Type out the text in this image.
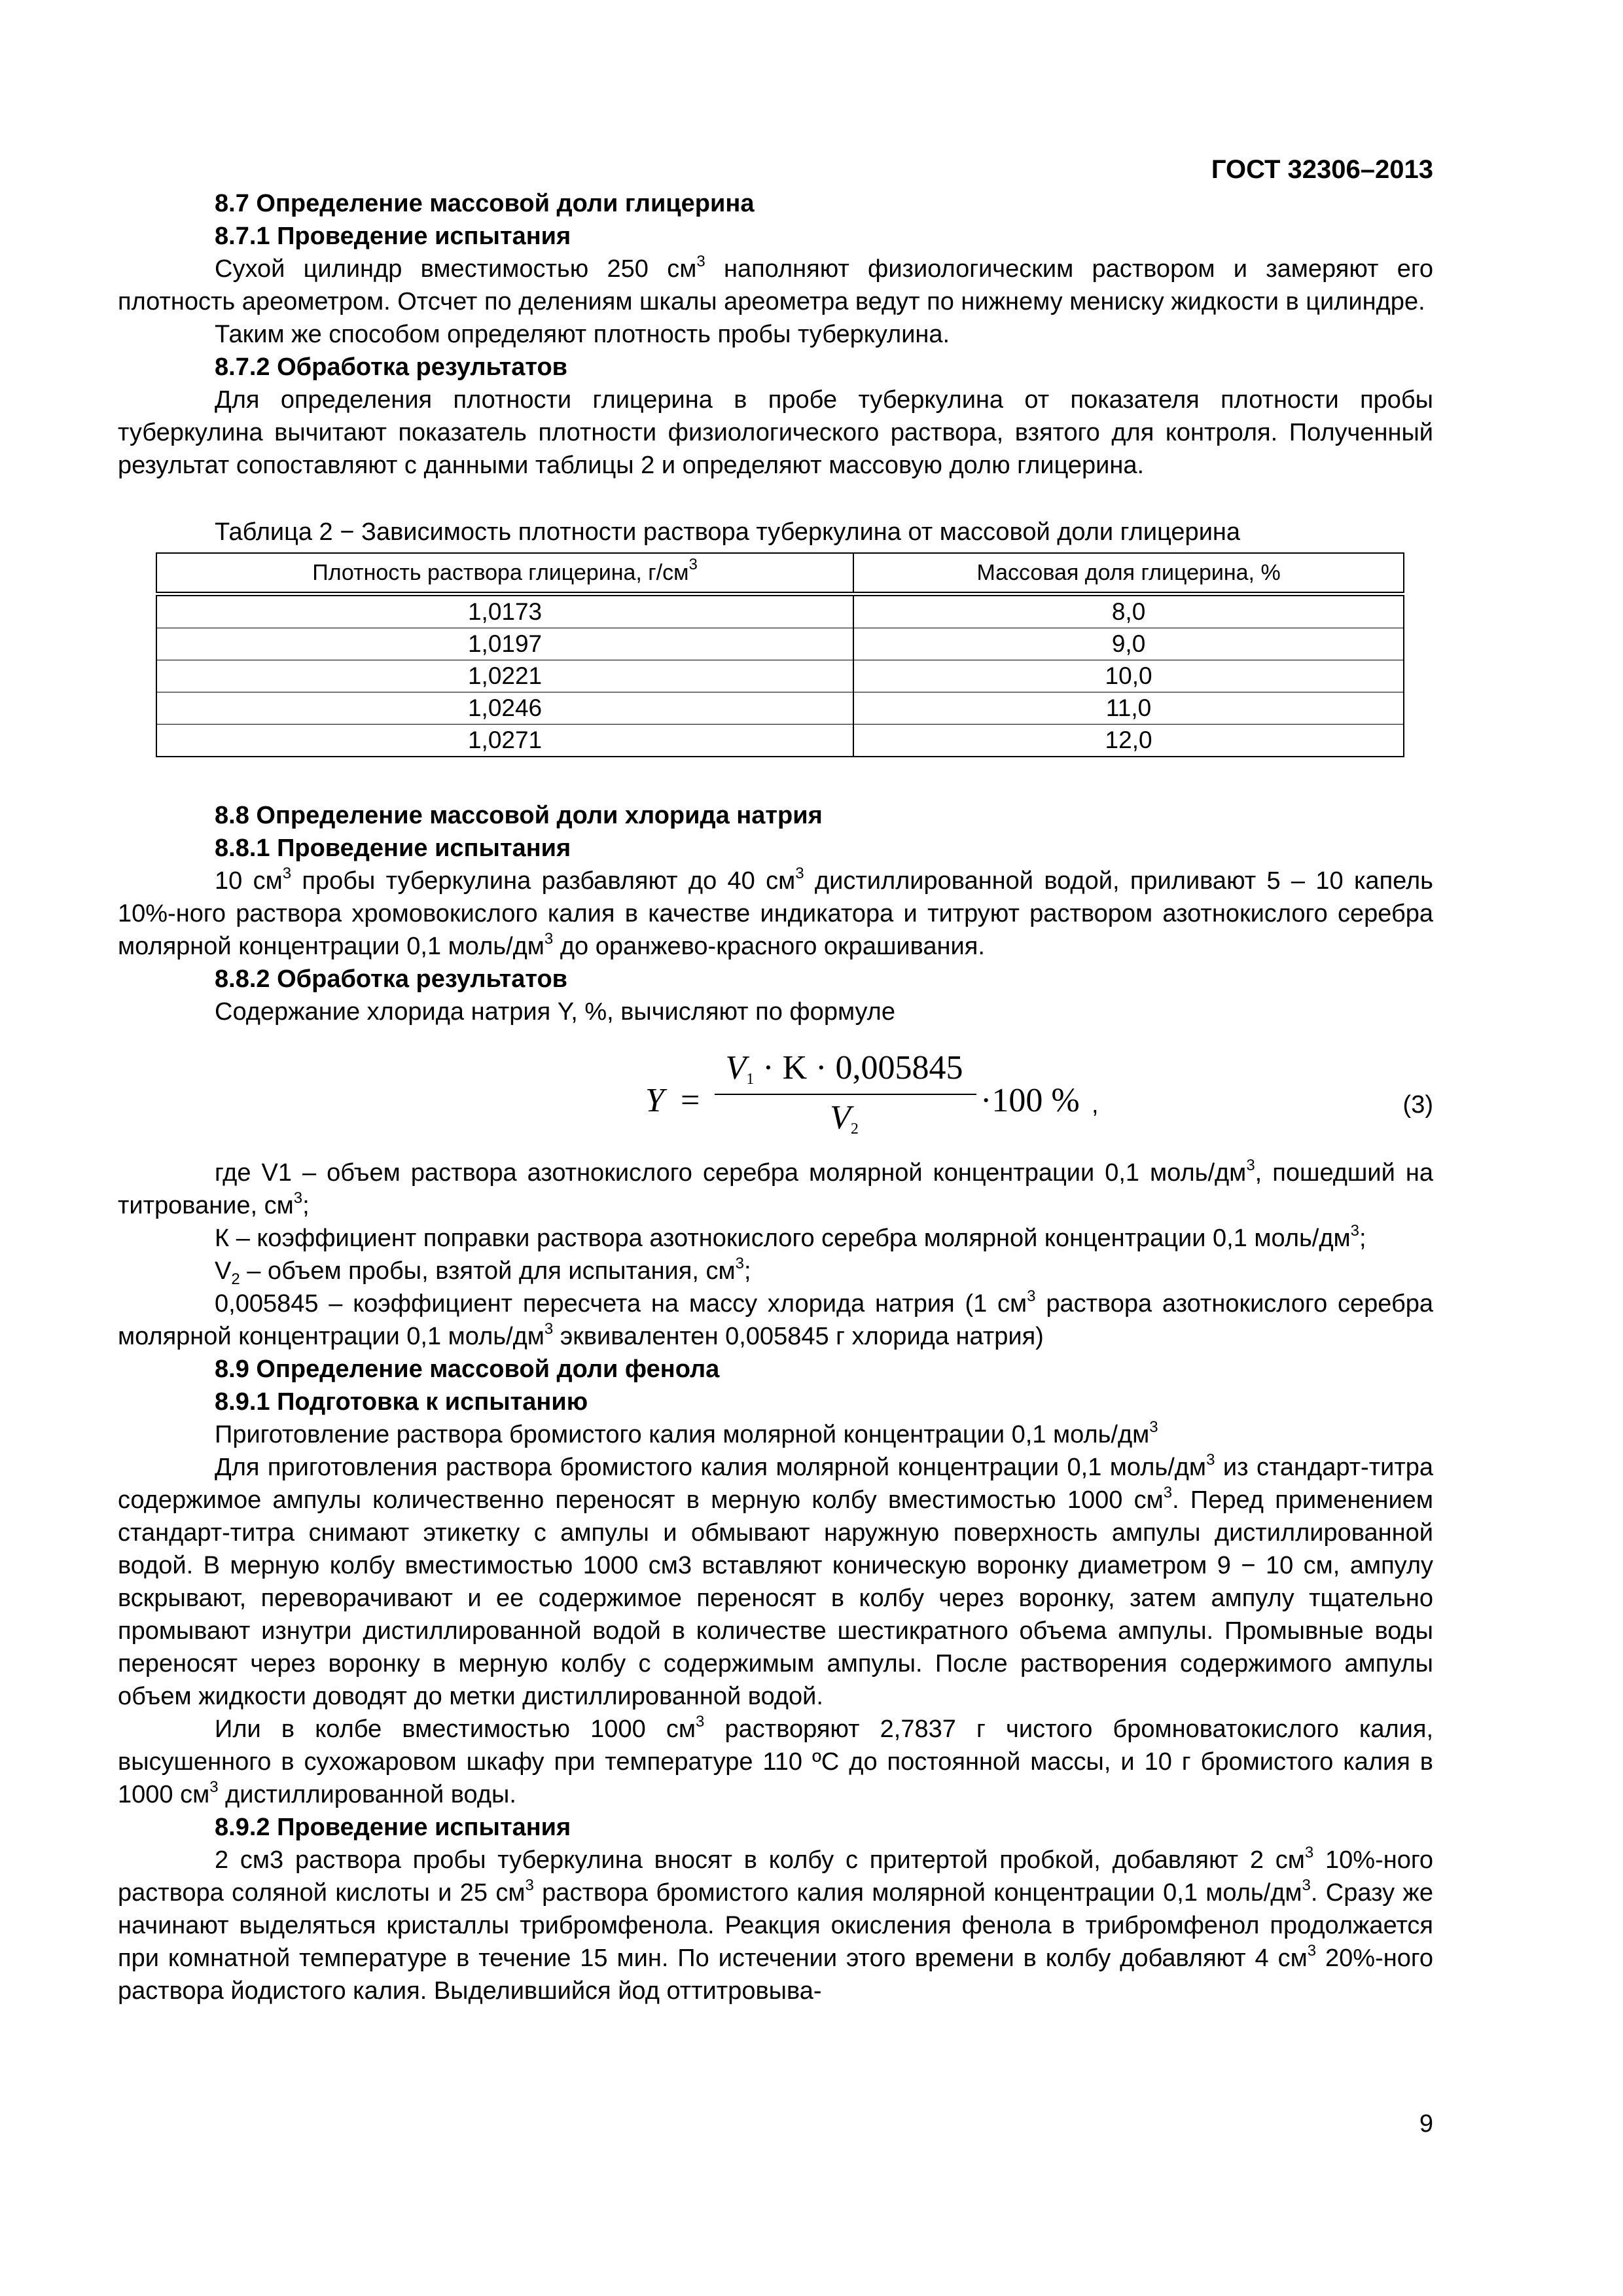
ГОСТ 32306–2013
8.7 Определение массовой доли глицерина
8.7.1 Проведение испытания
Сухой цилиндр вместимостью 250 $см^3$ наполняют физиологическим раствором и замеряют его плотность ареометром. Отсчет по делениям шкалы ареометра ведут по нижнему мениску жидкости в цилиндре.
Таким же способом определяют плотность пробы туберкулина.
8.7.2 Обработка результатов
Для определения плотности глицерина в пробе туберкулина от показателя плотности пробы туберкулина вычитают показатель плотности физиологического раствора, взятого для контроля. Полученный результат сопоставляют с данными таблицы 2 и определяют массовую долю глицерина.
Таблица 2 − Зависимость плотности раствора туберкулина от массовой доли глицерина
Плотность раствора глицерина, $г/см^3$	Массовая доля глицерина, %
1,0173	8,0
1,0197	9,0
1,0221	10,0
1,0246	11,0
1,0271	12,0
8.8 Определение массовой доли хлорида натрия
8.8.1 Проведение испытания
10 $см^3$ пробы туберкулина разбавляют до 40 $см^3$ дистиллированной водой, приливают 5 – 10 капель 10%-ного раствора хромовокислого калия в качестве индикатора и титруют раствором азотнокислого серебра молярной концентрации 0,1 моль/$дм^3$ до оранжево-красного окрашивания.
8.8.2 Обработка результатов
Содержание хлорида натрия Y, %, вычисляют по формуле
Y =
$V_1 \cdot K \cdot 0,005845$
$V_2$
·100 % ,	(3)
где V1 – объем раствора азотнокислого серебра молярной концентрации 0,1 моль/$дм^3$, пошедший на титрование, $см^3$;
К – коэффициент поправки раствора азотнокислого серебра молярной концентрации 0,1 моль/$дм^3$;
$V_2$ – объем пробы, взятой для испытания, $см^3$;
0,005845 – коэффициент пересчета на массу хлорида натрия (1 $см^3$ раствора азотнокислого серебра молярной концентрации 0,1 моль/$дм^3$ эквивалентен 0,005845 г хлорида натрия)
8.9 Определение массовой доли фенола
8.9.1 Подготовка к испытанию
Приготовление раствора бромистого калия молярной концентрации 0,1 моль/$дм^3$
Для приготовления раствора бромистого калия молярной концентрации 0,1 моль/$дм^3$ из стандарт-титра содержимое ампулы количественно переносят в мерную колбу вместимостью 1000 $см^3$. Перед применением стандарт-титра снимают этикетку с ампулы и обмывают наружную поверхность ампулы дистиллированной водой. В мерную колбу вместимостью 1000 см3 вставляют коническую воронку диаметром 9 − 10 см, ампулу вскрывают, переворачивают и ее содержимое переносят в колбу через воронку, затем ампулу тщательно промывают изнутри дистиллированной водой в количестве шестикратного объема ампулы. Промывные воды переносят через воронку в мерную колбу с содержимым ампулы. После растворения содержимого ампулы объем жидкости доводят до метки дистиллированной водой.
Или в колбе вместимостью 1000 $см^3$ растворяют 2,7837 г чистого бромноватокислого калия, высушенного в сухожаровом шкафу при температуре 110 ºС до постоянной массы, и 10 г бромистого калия в 1000 $см^3$ дистиллированной воды.
8.9.2 Проведение испытания
2 см3 раствора пробы туберкулина вносят в колбу с притертой пробкой, добавляют 2 $см^3$ 10%-ного раствора соляной кислоты и 25 $см^3$ раствора бромистого калия молярной концентрации 0,1 моль/$дм^3$. Сразу же начинают выделяться кристаллы трибромфенола. Реакция окисления фенола в трибромфенол продолжается при комнатной температуре в течение 15 мин. По истечении этого времени в колбу добавляют 4 $см^3$ 20%-ного раствора йодистого калия. Выделившийся йод оттитровыва-
9
